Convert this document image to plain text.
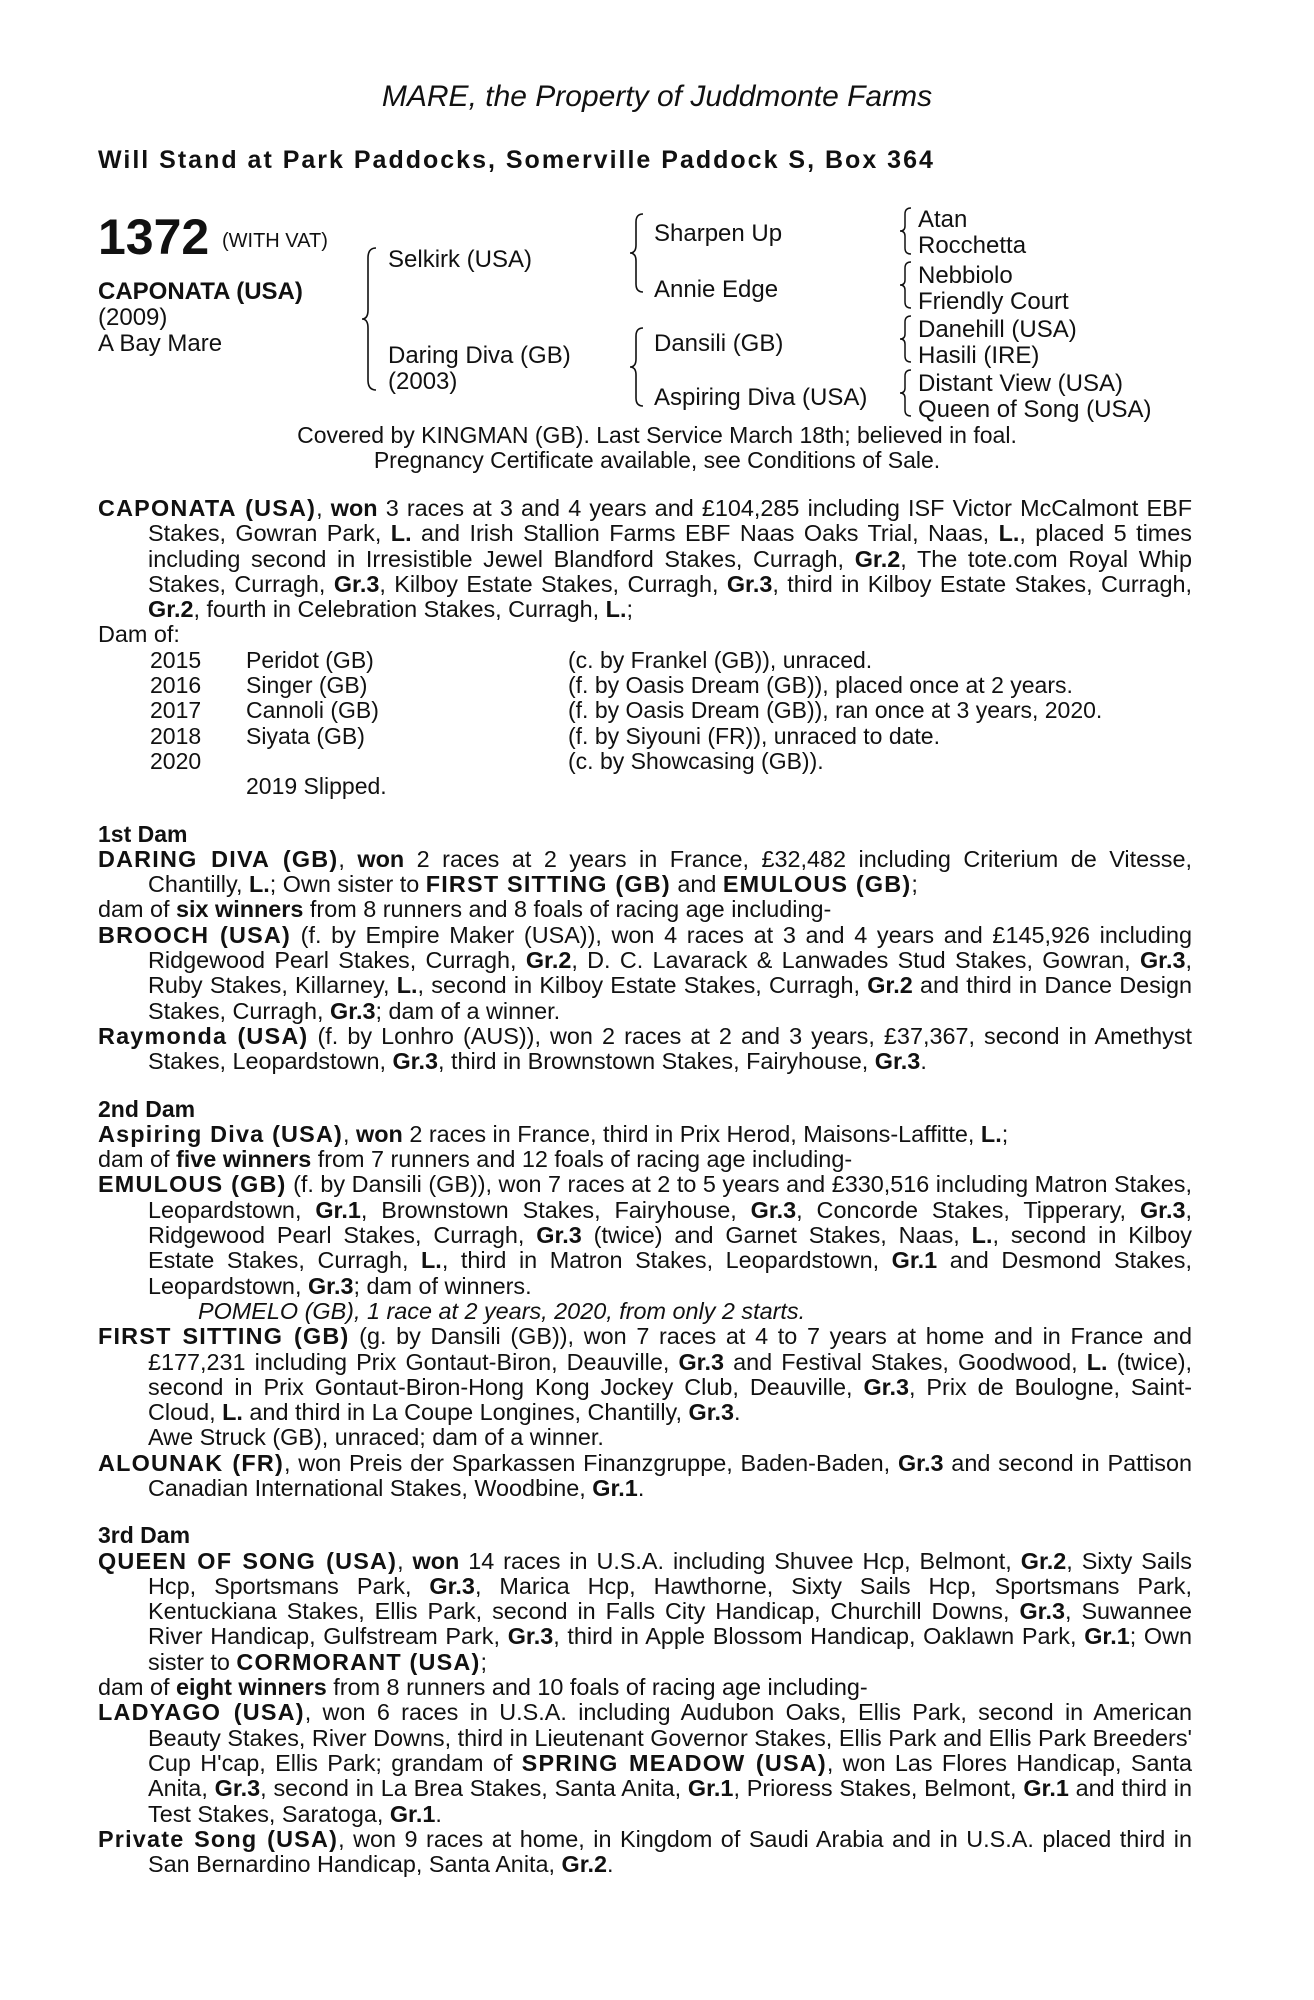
MARE, the Property of Juddmonte Farms
Will Stand at Park Paddocks, Somerville Paddock S, Box 364
1372 (WITH VAT)
CAPONATA (USA)
(2009)
A Bay Mare
Selkirk (USA)
Daring Diva (GB)
(2003)
Sharpen Up
Annie Edge
Dansili (GB)
Aspiring Diva (USA)
Atan
Rocchetta
Nebbiolo
Friendly Court
Danehill (USA)
Hasili (IRE)
Distant View (USA)
Queen of Song (USA)
Covered by KINGMAN (GB). Last Service March 18th; believed in foal.
Pregnancy Certificate available, see Conditions of Sale.

CAPONATA (USA), won 3 races at 3 and 4 years and £104,285 including ISF Victor McCalmont EBF Stakes, Gowran Park, L. and Irish Stallion Farms EBF Naas Oaks Trial, Naas, L., placed 5 times including second in Irresistible Jewel Blandford Stakes, Curragh, Gr.2, The tote.com Royal Whip Stakes, Curragh, Gr.3, Kilboy Estate Stakes, Curragh, Gr.3, third in Kilboy Estate Stakes, Curragh, Gr.2, fourth in Celebration Stakes, Curragh, L.;

Dam of:

2015	Peridot (GB)	(c. by Frankel (GB)), unraced.
2016	Singer (GB)	(f. by Oasis Dream (GB)), placed once at 2 years.
2017	Cannoli (GB)	(f. by Oasis Dream (GB)), ran once at 3 years, 2020.
2018	Siyata (GB)	(f. by Siyouni (FR)), unraced to date.
2020		(c. by Showcasing (GB)).
	2019 Slipped.	

1st Dam

DARING DIVA (GB), won 2 races at 2 years in France, £32,482 including Criterium de Vitesse, Chantilly, L.; Own sister to FIRST SITTING (GB) and EMULOUS (GB);

dam of six winners from 8 runners and 8 foals of racing age including-

BROOCH (USA) (f. by Empire Maker (USA)), won 4 races at 3 and 4 years and £145,926 including Ridgewood Pearl Stakes, Curragh, Gr.2, D. C. Lavarack & Lanwades Stud Stakes, Gowran, Gr.3, Ruby Stakes, Killarney, L., second in Kilboy Estate Stakes, Curragh, Gr.2 and third in Dance Design Stakes, Curragh, Gr.3; dam of a winner.

Raymonda (USA) (f. by Lonhro (AUS)), won 2 races at 2 and 3 years, £37,367, second in Amethyst Stakes, Leopardstown, Gr.3, third in Brownstown Stakes, Fairyhouse, Gr.3.

2nd Dam

Aspiring Diva (USA), won 2 races in France, third in Prix Herod, Maisons-Laffitte, L.;

dam of five winners from 7 runners and 12 foals of racing age including-

EMULOUS (GB) (f. by Dansili (GB)), won 7 races at 2 to 5 years and £330,516 including Matron Stakes, Leopardstown, Gr.1, Brownstown Stakes, Fairyhouse, Gr.3, Concorde Stakes, Tipperary, Gr.3, Ridgewood Pearl Stakes, Curragh, Gr.3 (twice) and Garnet Stakes, Naas, L., second in Kilboy Estate Stakes, Curragh, L., third in Matron Stakes, Leopardstown, Gr.1 and Desmond Stakes, Leopardstown, Gr.3; dam of winners.

POMELO (GB), 1 race at 2 years, 2020, from only 2 starts.

FIRST SITTING (GB) (g. by Dansili (GB)), won 7 races at 4 to 7 years at home and in France and £177,231 including Prix Gontaut-Biron, Deauville, Gr.3 and Festival Stakes, Goodwood, L. (twice), second in Prix Gontaut-Biron-Hong Kong Jockey Club, Deauville, Gr.3, Prix de Boulogne, Saint-Cloud, L. and third in La Coupe Longines, Chantilly, Gr.3.

Awe Struck (GB), unraced; dam of a winner.

ALOUNAK (FR), won Preis der Sparkassen Finanzgruppe, Baden-Baden, Gr.3 and second in Pattison Canadian International Stakes, Woodbine, Gr.1.

3rd Dam

QUEEN OF SONG (USA), won 14 races in U.S.A. including Shuvee Hcp, Belmont, Gr.2, Sixty Sails Hcp, Sportsmans Park, Gr.3, Marica Hcp, Hawthorne, Sixty Sails Hcp, Sportsmans Park, Kentuckiana Stakes, Ellis Park, second in Falls City Handicap, Churchill Downs, Gr.3, Suwannee River Handicap, Gulfstream Park, Gr.3, third in Apple Blossom Handicap, Oaklawn Park, Gr.1; Own sister to CORMORANT (USA);

dam of eight winners from 8 runners and 10 foals of racing age including-

LADYAGO (USA), won 6 races in U.S.A. including Audubon Oaks, Ellis Park, second in American Beauty Stakes, River Downs, third in Lieutenant Governor Stakes, Ellis Park and Ellis Park Breeders' Cup H'cap, Ellis Park; grandam of SPRING MEADOW (USA), won Las Flores Handicap, Santa Anita, Gr.3, second in La Brea Stakes, Santa Anita, Gr.1, Prioress Stakes, Belmont, Gr.1 and third in Test Stakes, Saratoga, Gr.1.

Private Song (USA), won 9 races at home, in Kingdom of Saudi Arabia and in U.S.A. placed third in San Bernardino Handicap, Santa Anita, Gr.2.
